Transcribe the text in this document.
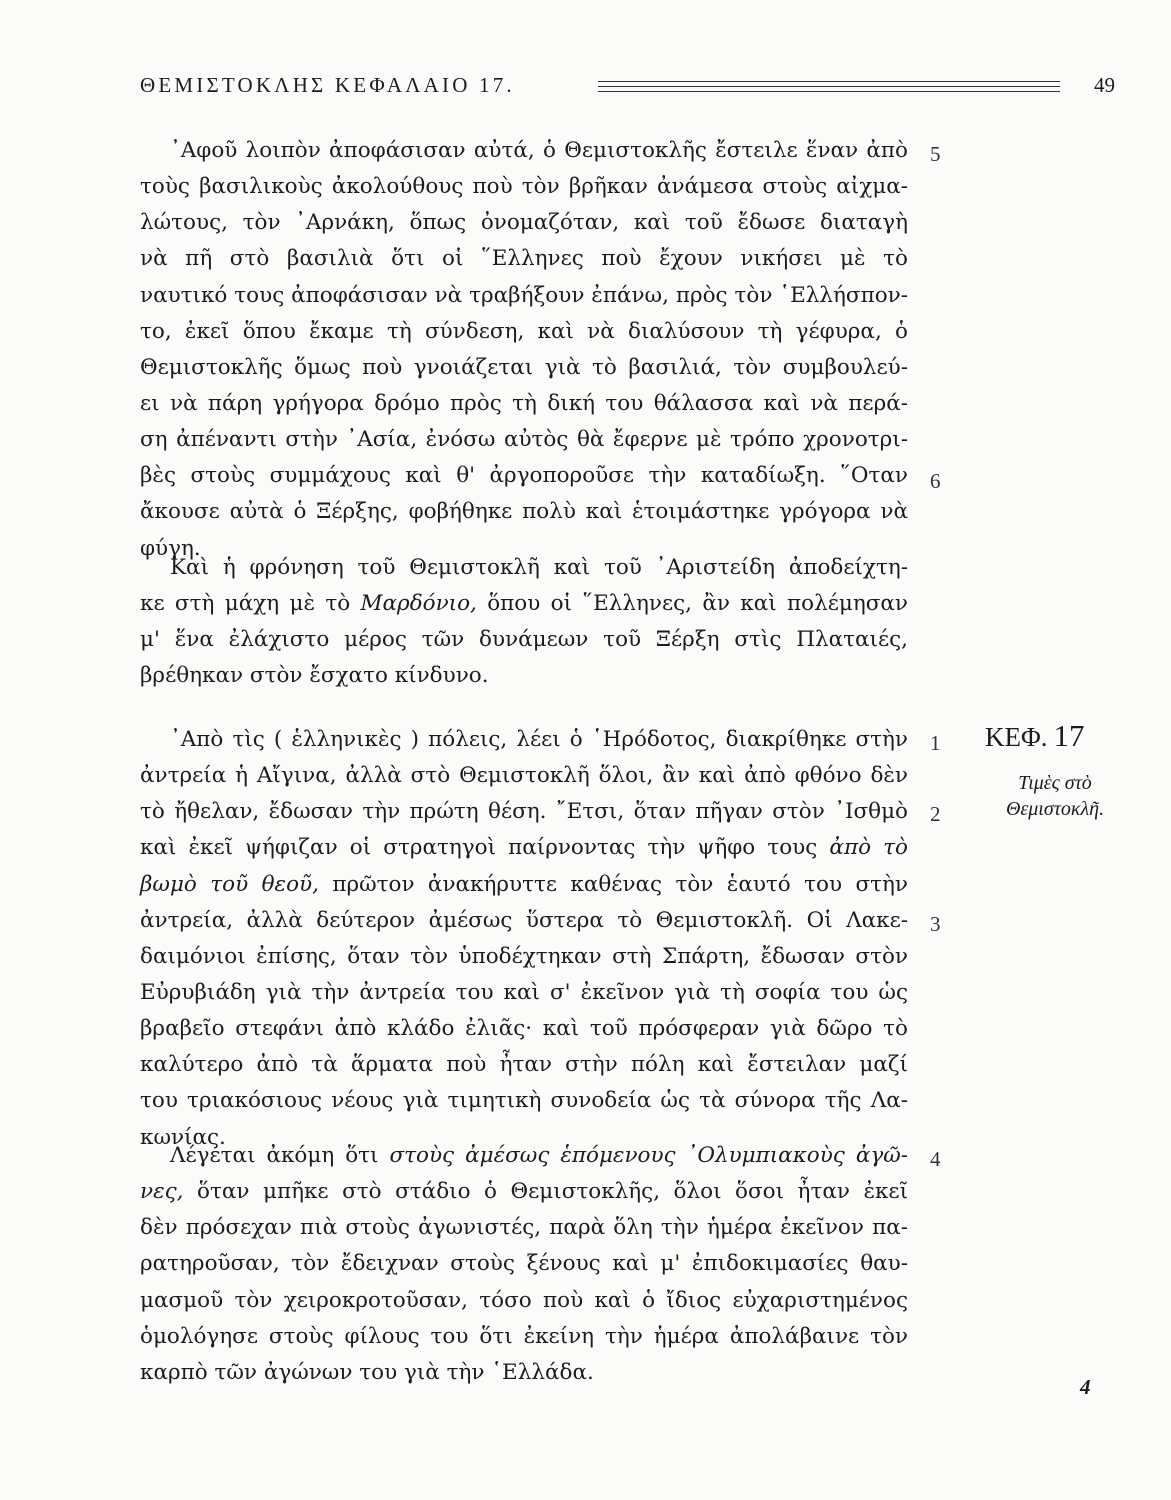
ΘΕΜΙΣΤΟΚΛΗΣ ΚΕΦΑΛΑΙΟ 17.	49
᾿Αφοῦ λοιπὸν ἀποφάσισαν αὐτά, ὁ Θεμιστοκλῆς ἔστειλε ἕναν ἀπὸ
τοὺς βασιλικοὺς ἀκολούθους ποὺ τὸν βρῆκαν ἀνάμεσα στοὺς αἰχμα-
λώτους, τὸν ᾿Αρνάκη, ὅπως ὀνομαζόταν, καὶ τοῦ ἔδωσε διαταγὴ
νὰ πῆ στὸ βασιλιὰ ὅτι οἱ ῞Ελληνες ποὺ ἔχουν νικήσει μὲ τὸ
ναυτικό τους ἀποφάσισαν νὰ τραβήξουν ἐπάνω, πρὸς τὸν ῾Ελλήσπον-
το, ἐκεῖ ὅπου ἔκαμε τὴ σύνδεση, καὶ νὰ διαλύσουν τὴ γέφυρα, ὁ
Θεμιστοκλῆς ὅμως ποὺ γνοιάζεται γιὰ τὸ βασιλιά, τὸν συμβουλεύ-
ει νὰ πάρη γρήγορα δρόμο πρὸς τὴ δική του θάλασσα καὶ νὰ περά-
ση ἀπέναντι στὴν ᾿Ασία, ἐνόσω αὐτὸς θὰ ἔφερνε μὲ τρόπο χρονοτρι-
βὲς στοὺς συμμάχους καὶ θ' ἀργοποροῦσε τὴν καταδίωξη. ῞Οταν
ἄκουσε αὐτὰ ὁ Ξέρξης, φοβήθηκε πολὺ καὶ ἑτοιμάστηκε γρόγορα νὰ
φύγη.
Καὶ ἡ φρόνηση τοῦ Θεμιστοκλῆ καὶ τοῦ ᾿Αριστείδη ἀποδείχτη-
κε στὴ μάχη μὲ τὸ Μαρδόνιο, ὅπου οἱ ῞Ελληνες, ἂν καὶ πολέμησαν
μ' ἕνα ἐλάχιστο μέρος τῶν δυνάμεων τοῦ Ξέρξη στὶς Πλαταιές,
βρέθηκαν στὸν ἔσχατο κίνδυνο.
᾿Απὸ τὶς ( ἑλληνικὲς ) πόλεις, λέει ὁ ῾Ηρόδοτος, διακρίθηκε στὴν
ἀντρεία ἡ Αἴγινα, ἀλλὰ στὸ Θεμιστοκλῆ ὅλοι, ἂν καὶ ἀπὸ φθόνο δὲν
τὸ ἤθελαν, ἔδωσαν τὴν πρώτη θέση. ῎Ετσι, ὅταν πῆγαν στὸν ᾿Ισθμὸ
καὶ ἐκεῖ ψήφιζαν οἱ στρατηγοὶ παίρνοντας τὴν ψῆφο τους ἀπὸ τὸ
βωμὸ τοῦ θεοῦ, πρῶτον ἀνακήρυττε καθένας τὸν ἑαυτό του στὴν
ἀντρεία, ἀλλὰ δεύτερον ἀμέσως ὕστερα τὸ Θεμιστοκλῆ. Οἱ Λακε-
δαιμόνιοι ἐπίσης, ὅταν τὸν ὑποδέχτηκαν στὴ Σπάρτη, ἔδωσαν στὸν
Εὐρυβιάδη γιὰ τὴν ἀντρεία του καὶ σ' ἐκεῖνον γιὰ τὴ σοφία του ὡς
βραβεῖο στεφάνι ἀπὸ κλάδο ἐλιᾶς· καὶ τοῦ πρόσφεραν γιὰ δῶρο τὸ
καλύτερο ἀπὸ τὰ ἅρματα ποὺ ἦταν στὴν πόλη καὶ ἔστειλαν μαζί
του τριακόσιους νέους γιὰ τιμητικὴ συνοδεία ὡς τὰ σύνορα τῆς Λα-
κωνίας.
Λέγεται ἀκόμη ὅτι στοὺς ἀμέσως ἑπόμενους ᾿Ολυμπιακοὺς ἀγῶ-
νες, ὅταν μπῆκε στὸ στάδιο ὁ Θεμιστοκλῆς, ὅλοι ὅσοι ἦταν ἐκεῖ
δὲν πρόσεχαν πιὰ στοὺς ἀγωνιστές, παρὰ ὅλη τὴν ἡμέρα ἐκεῖνον πα-
ρατηροῦσαν, τὸν ἔδειχναν στοὺς ξένους καὶ μ' ἐπιδοκιμασίες θαυ-
μασμοῦ τὸν χειροκροτοῦσαν, τόσο ποὺ καὶ ὁ ἴδιος εὐχαριστημένος
ὁμολόγησε στοὺς φίλους του ὅτι ἐκείνη τὴν ἡμέρα ἀπολάβαινε τὸν
καρπὸ τῶν ἀγώνων του γιὰ τὴν ῾Ελλάδα.
5
6
1
2
3
4
ΚΕΦ. 17
Τιμὲς στὸ
Θεμιστοκλῆ.
4
